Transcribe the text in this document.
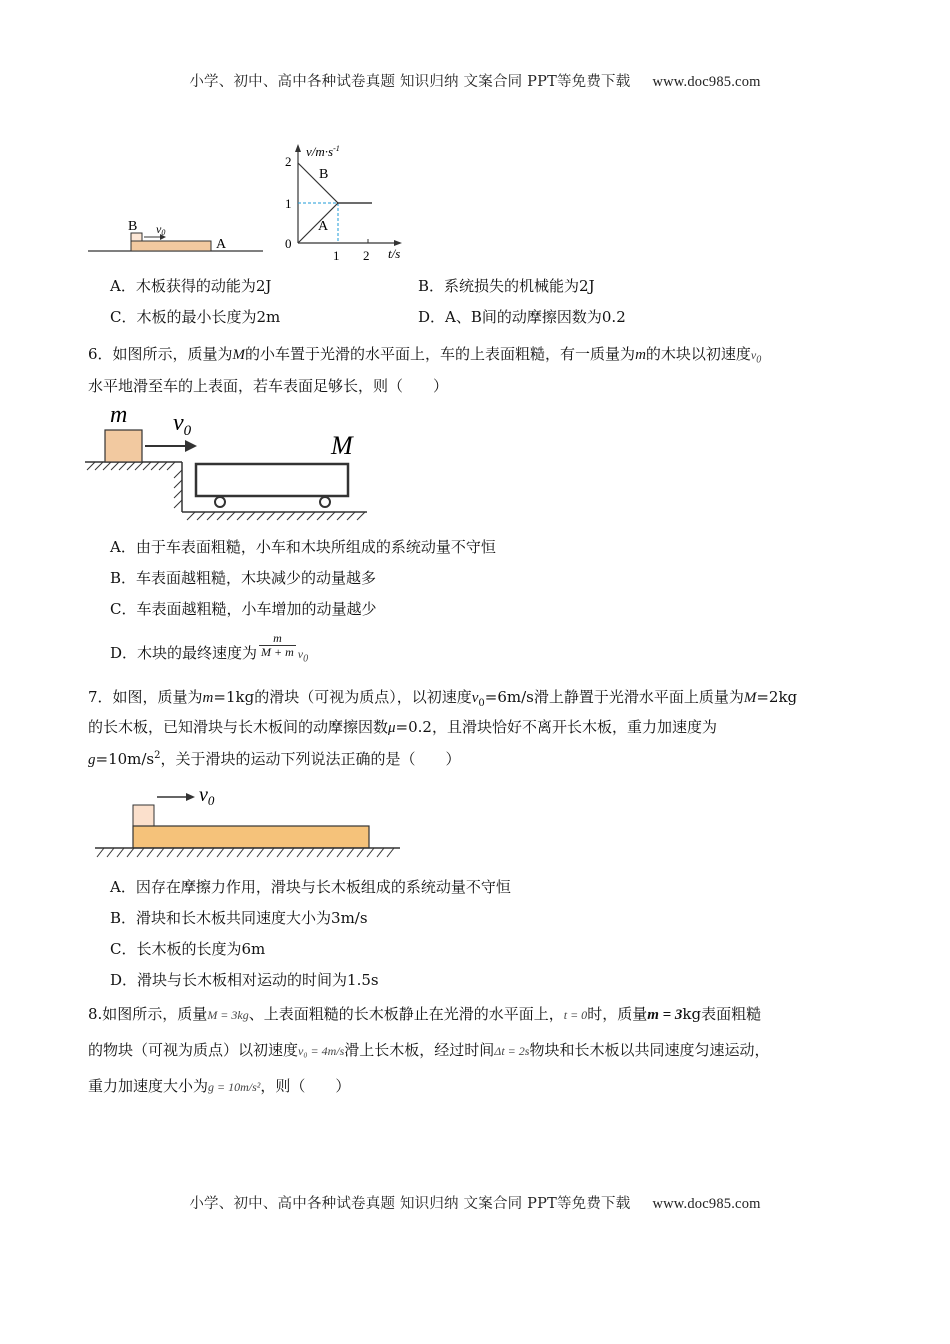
小学、初中、高中各种试卷真题 知识归纳 文案合同 PPT等免费下载 www.doc985.com
B v0
A
$v/m\cdot s^{-1}$
t/s
2
1
0
1 2
B
A
A．木板获得的动能为2J	B．系统损失的机械能为2J
C．木板的最小长度为2m	D．A、B间的动摩擦因数为0.2
6．如图所示，质量为M的小车置于光滑的水平面上，车的上表面粗糙，有一质量为m的木块以初速度$v_0$
水平地滑至车的上表面，若车表面足够长，则（　　）
m $v_0$	M
A．由于车表面粗糙，小车和木块所组成的系统动量不守恒
B．车表面越粗糙，木块减少的动量越多
C．车表面越粗糙，小车增加的动量越少
D．木块的最终速度为 $\frac{m}{M + m} v_0$
7．如图，质量为m=1kg的滑块（可视为质点），以初速度$v_0=6m/s$滑上静置于光滑水平面上质量为M=2kg
的长木板，已知滑块与长木板间的动摩擦因数μ=0.2，且滑块恰好不离开长木板，重力加速度为
$g=10m/s^2$，关于滑块的运动下列说法正确的是（　　）
$v_0$
A．因存在摩擦力作用，滑块与长木板组成的系统动量不守恒
B．滑块和长木板共同速度大小为3m/s
C．长木板的长度为6m
D．滑块与长木板相对运动的时间为1.5s
8.如图所示，质量M = 3kg、上表面粗糙的长木板静止在光滑的水平面上，t = 0时，质量m = 3kg表面粗糙
的物块（可视为质点）以初速度v₀ = 4m/s滑上长木板，经过时间Δt = 2s物块和长木板以共同速度匀速运动，
重力加速度大小为g = 10m/s²，则（　　）
小学、初中、高中各种试卷真题 知识归纳 文案合同 PPT等免费下载 www.doc985.com
